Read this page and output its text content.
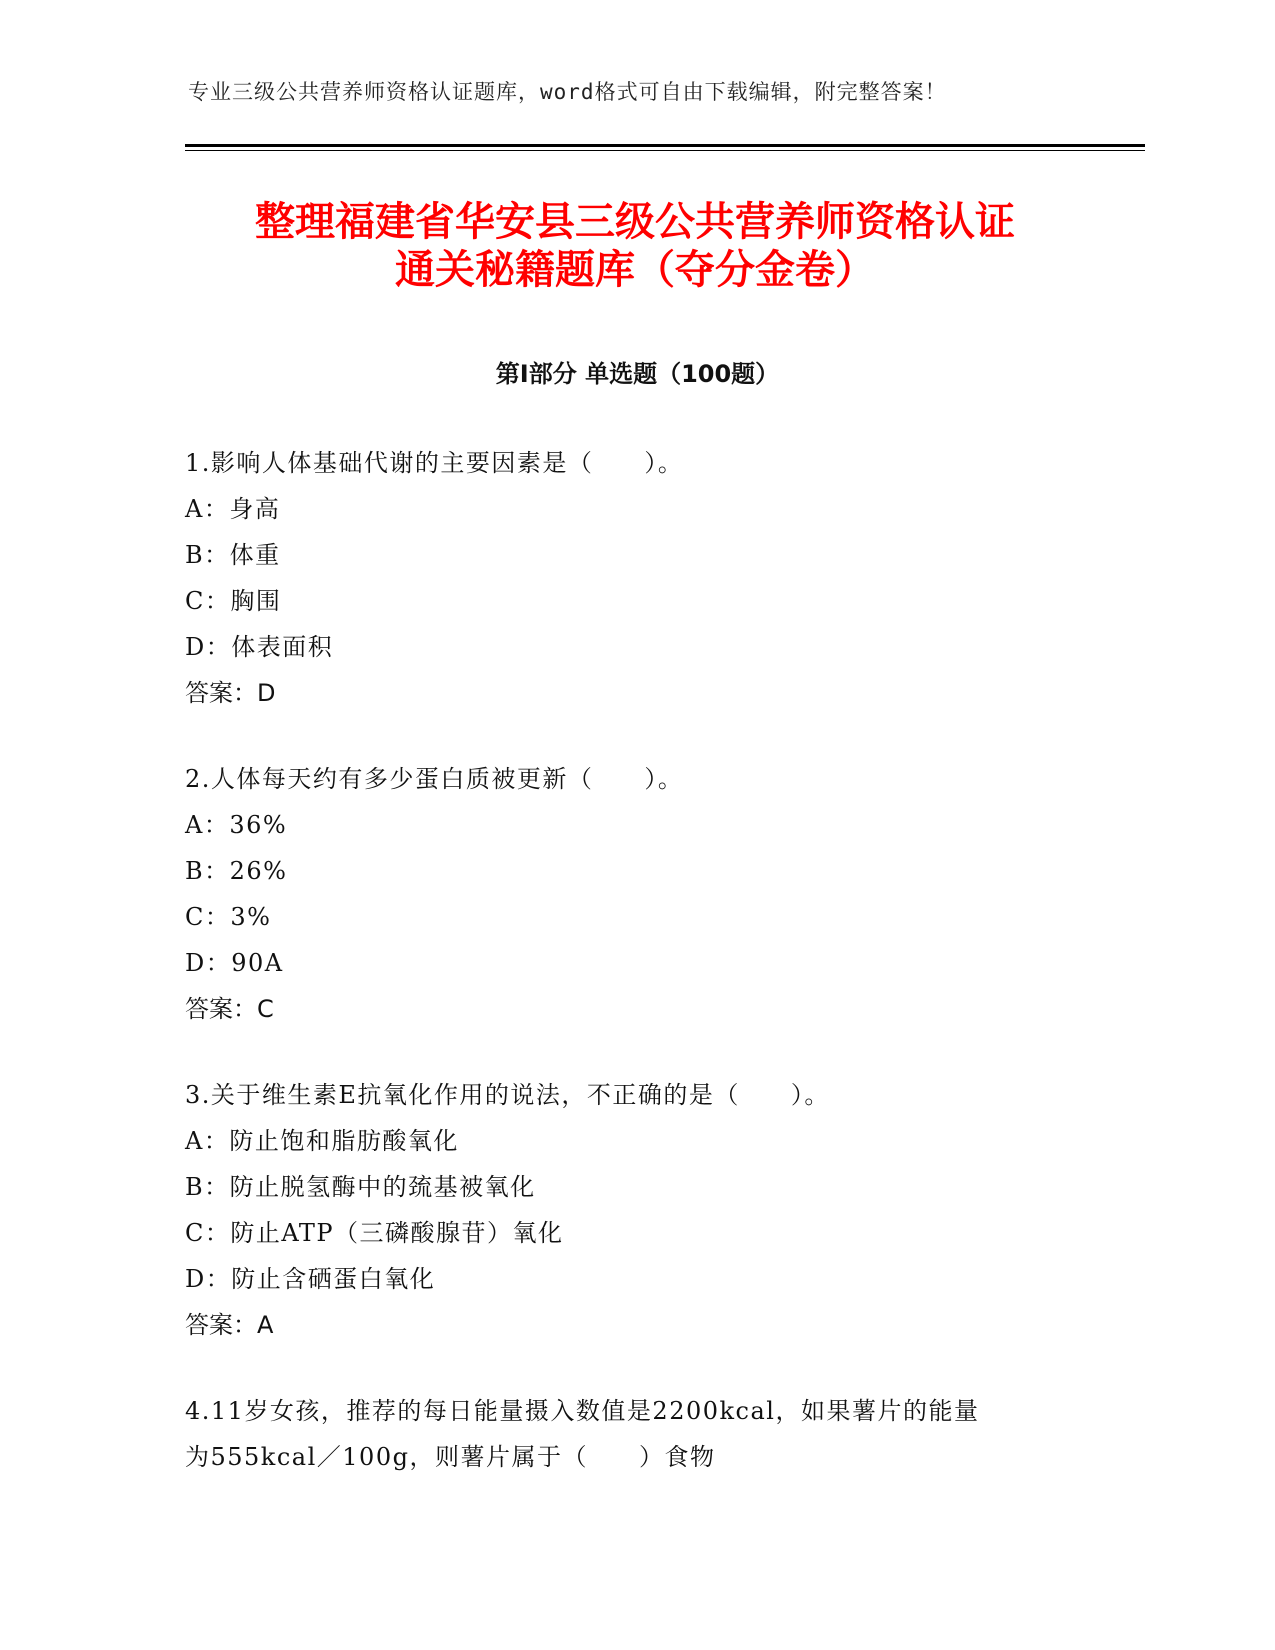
专业三级公共营养师资格认证题库，word格式可自由下载编辑，附完整答案！
整理福建省华安县三级公共营养师资格认证
通关秘籍题库（夺分金卷）
第Ⅰ部分 单选题（100题）
1.影响人体基础代谢的主要因素是（　　）。
A：身高
B：体重
C：胸围
D：体表面积
答案：D
2.人体每天约有多少蛋白质被更新（　　）。
A：36%
B：26%
C：3%
D：90A
答案：C
3.关于维生素E抗氧化作用的说法，不正确的是（　　）。
A：防止饱和脂肪酸氧化
B：防止脱氢酶中的巯基被氧化
C：防止ATP（三磷酸腺苷）氧化
D：防止含硒蛋白氧化
答案：A
4.11岁女孩，推荐的每日能量摄入数值是2200kcal，如果薯片的能量
为555kcal／100g，则薯片属于（　　）食物
